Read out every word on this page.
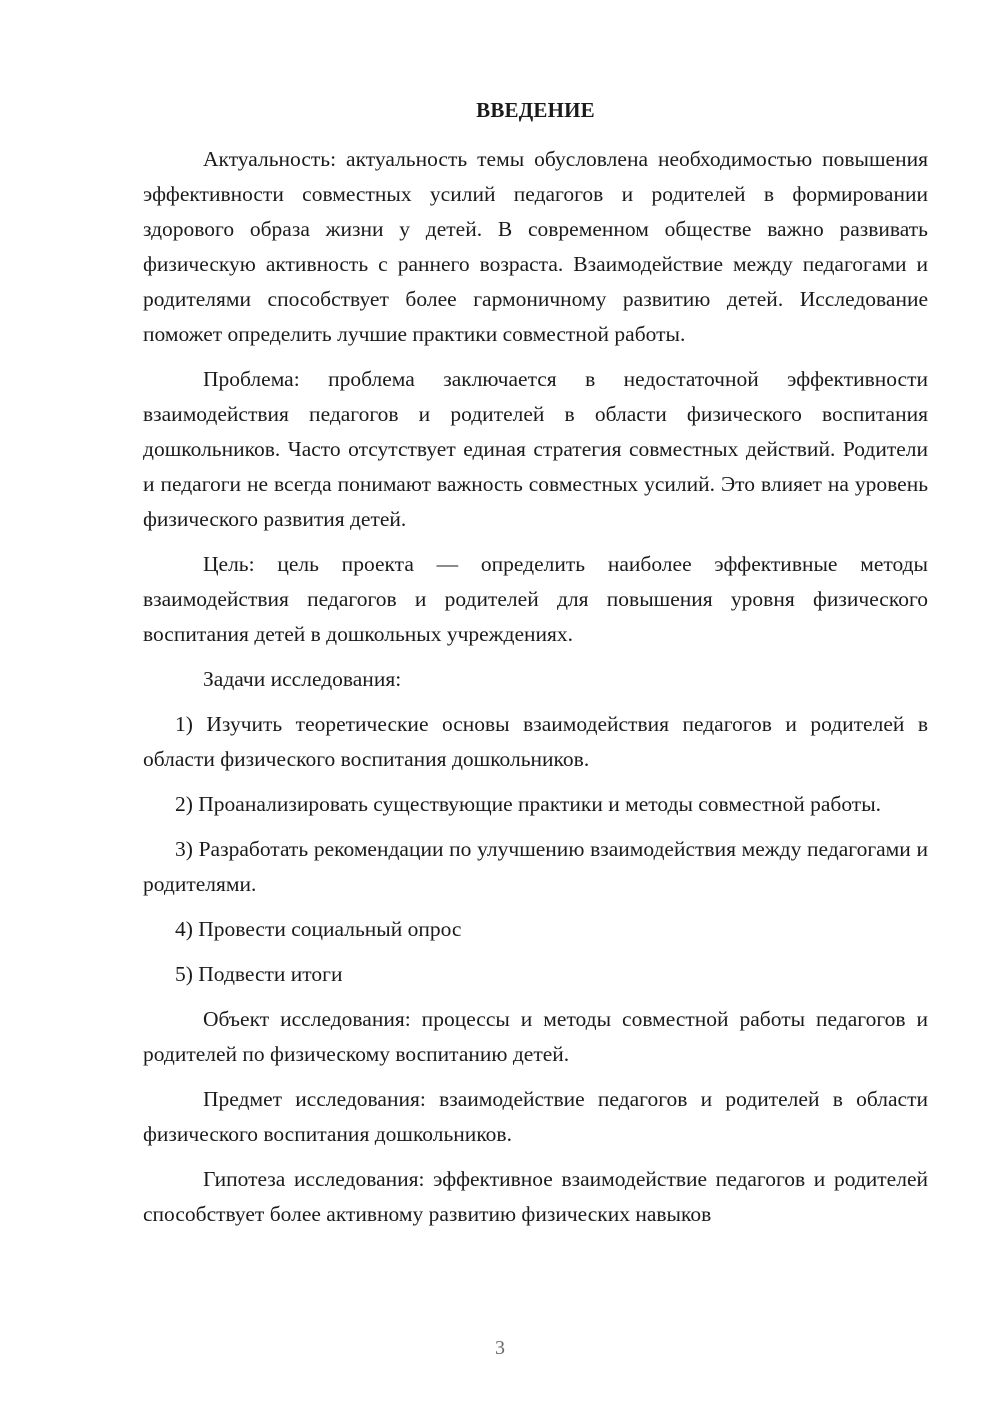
ВВЕДЕНИЕ

Актуальность: актуальность темы обусловлена необходимостью повышения эффективности совместных усилий педагогов и родителей в формировании здорового образа жизни у детей. В современном обществе важно развивать физическую активность с раннего возраста. Взаимодействие между педагогами и родителями способствует более гармоничному развитию детей. Исследование поможет определить лучшие практики совместной работы.

Проблема: проблема заключается в недостаточной эффективности взаимодействия педагогов и родителей в области физического воспитания дошкольников. Часто отсутствует единая стратегия совместных действий. Родители и педагоги не всегда понимают важность совместных усилий. Это влияет на уровень физического развития детей.

Цель: цель проекта — определить наиболее эффективные методы взаимодействия педагогов и родителей для повышения уровня физического воспитания детей в дошкольных учреждениях.

Задачи исследования:

1) Изучить теоретические основы взаимодействия педагогов и родителей в области физического воспитания дошкольников.

2) Проанализировать существующие практики и методы совместной работы.

3) Разработать рекомендации по улучшению взаимодействия между педагогами и родителями.

4) Провести социальный опрос

5) Подвести итоги

Объект исследования: процессы и методы совместной работы педагогов и родителей по физическому воспитанию детей.

Предмет исследования: взаимодействие педагогов и родителей в области физического воспитания дошкольников.

Гипотеза исследования: эффективное взаимодействие педагогов и родителей способствует более активному развитию физических навыков

3
